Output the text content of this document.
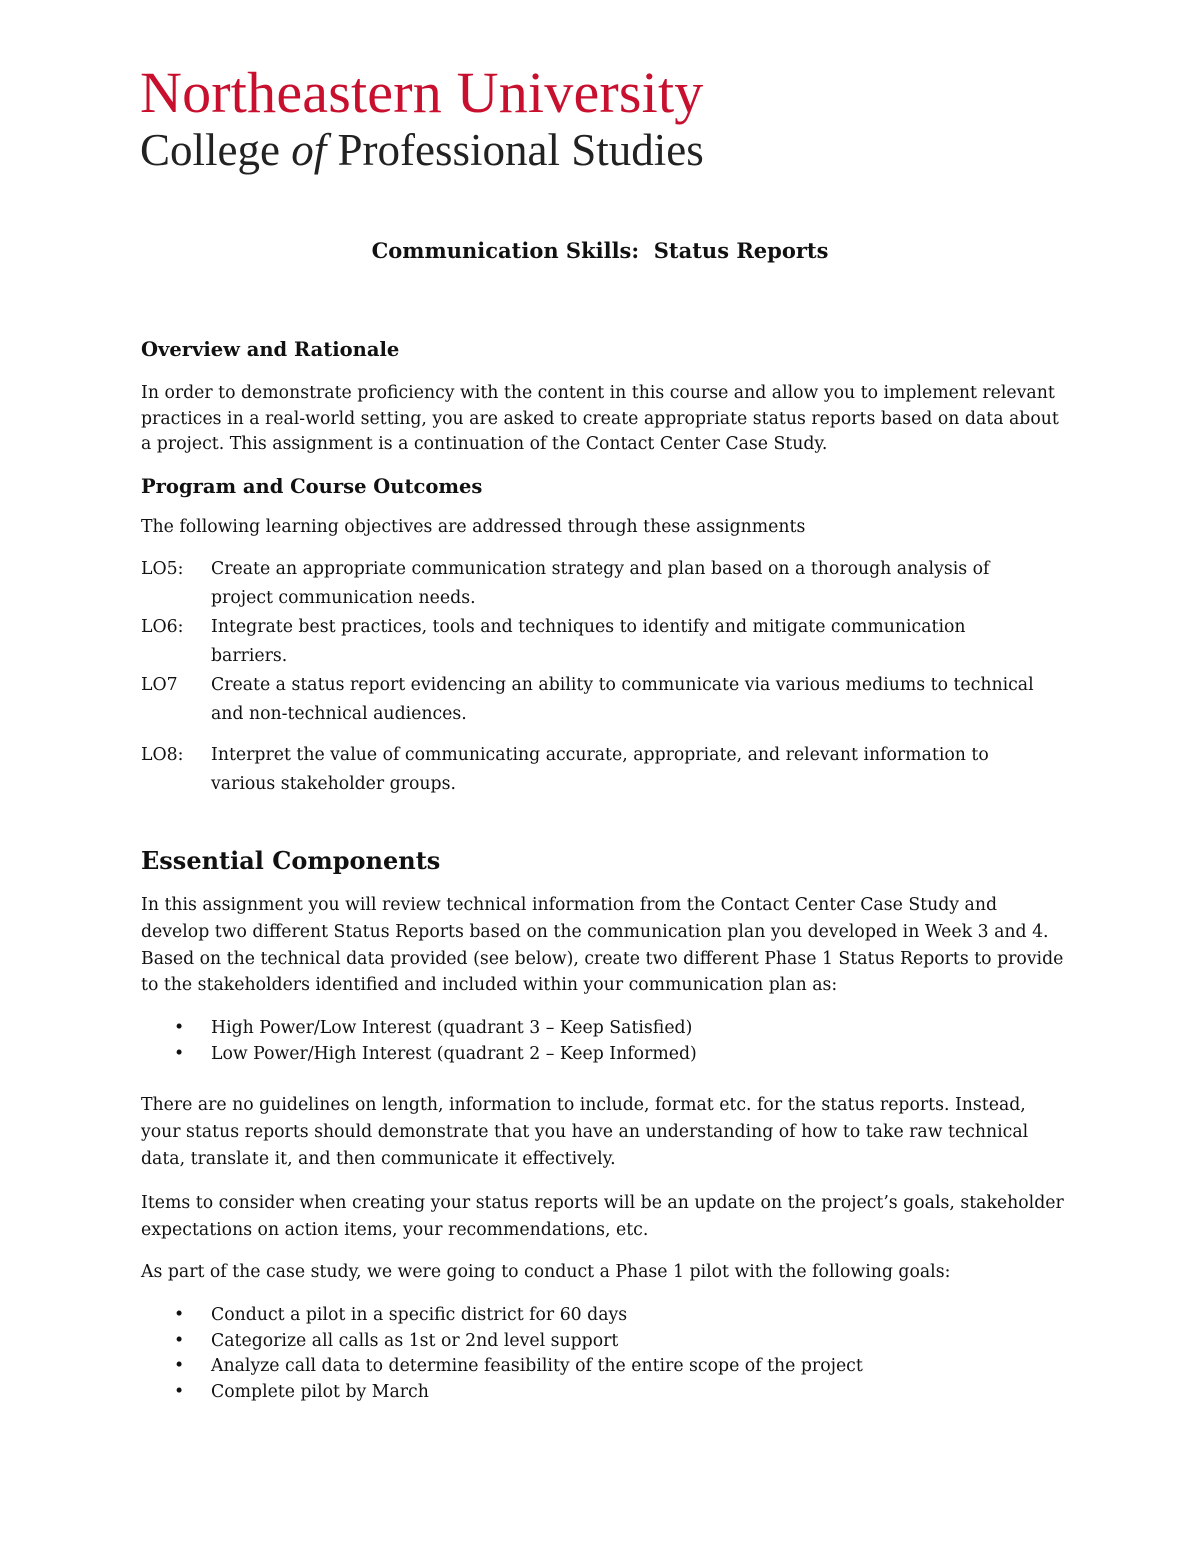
Northeastern University
College of Professional Studies
Communication Skills:  Status Reports
Overview and Rationale

In order to demonstrate proficiency with the content in this course and allow you to implement relevant practices in a real-world setting, you are asked to create appropriate status reports based on data about a project. This assignment is a continuation of the Contact Center Case Study.

Program and Course Outcomes

The following learning objectives are addressed through these assignments

LO5: Create an appropriate communication strategy and plan based on a thorough analysis of project communication needs.
LO6: Integrate best practices, tools and techniques to identify and mitigate communication barriers.
LO7 Create a status report evidencing an ability to communicate via various mediums to technical and non-technical audiences.
LO8: Interpret the value of communicating accurate, appropriate, and relevant information to various stakeholder groups.
Essential Components

In this assignment you will review technical information from the Contact Center Case Study and develop two different Status Reports based on the communication plan you developed in Week 3 and 4. Based on the technical data provided (see below), create two different Phase 1 Status Reports to provide to the stakeholders identified and included within your communication plan as:

• High Power/Low Interest (quadrant 3 – Keep Satisfied)
• Low Power/High Interest (quadrant 2 – Keep Informed)

There are no guidelines on length, information to include, format etc. for the status reports. Instead, your status reports should demonstrate that you have an understanding of how to take raw technical data, translate it, and then communicate it effectively.

Items to consider when creating your status reports will be an update on the project’s goals, stakeholder expectations on action items, your recommendations, etc.

As part of the case study, we were going to conduct a Phase 1 pilot with the following goals:

• Conduct a pilot in a specific district for 60 days
• Categorize all calls as 1st or 2nd level support
• Analyze call data to determine feasibility of the entire scope of the project
• Complete pilot by March
